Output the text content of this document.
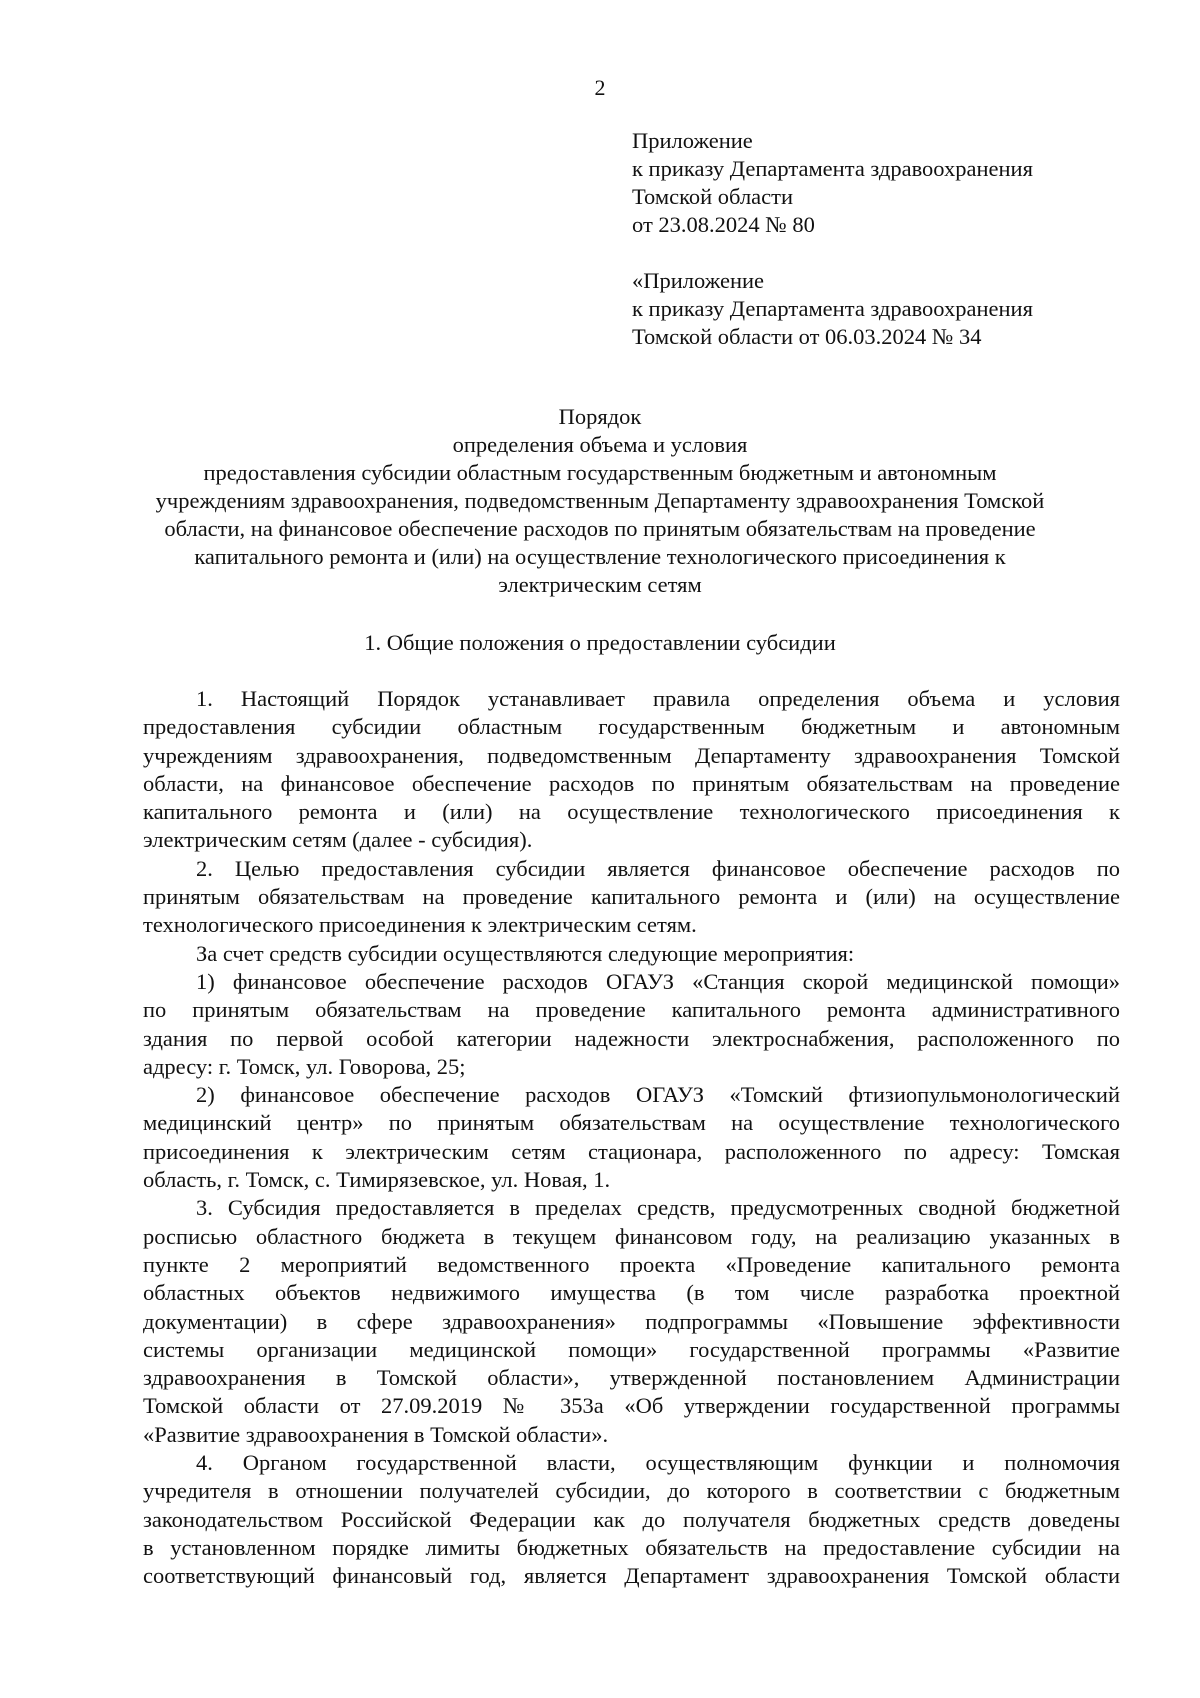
2
Приложение
к приказу Департамента здравоохранения
Томской области
от 23.08.2024 № 80
«Приложение
к приказу Департамента здравоохранения
Томской области от 06.03.2024 № 34
Порядок
определения объема и условия
предоставления субсидии областным государственным бюджетным и автономным
учреждениям здравоохранения, подведомственным Департаменту здравоохранения Томской
области, на финансовое обеспечение расходов по принятым обязательствам на проведение
капитального ремонта и (или) на осуществление технологического присоединения к
электрическим сетям
1. Общие положения о предоставлении субсидии
1. Настоящий Порядок устанавливает правила определения объема и условия
предоставления субсидии областным государственным бюджетным и автономным
учреждениям здравоохранения, подведомственным Департаменту здравоохранения Томской
области, на финансовое обеспечение расходов по принятым обязательствам на проведение
капитального ремонта и (или) на осуществление технологического присоединения к
электрическим сетям (далее - субсидия).
2. Целью предоставления субсидии является финансовое обеспечение расходов по
принятым обязательствам на проведение капитального ремонта и (или) на осуществление
технологического присоединения к электрическим сетям.
За счет средств субсидии осуществляются следующие мероприятия:
1) финансовое обеспечение расходов ОГАУЗ «Станция скорой медицинской помощи»
по принятым обязательствам на проведение капитального ремонта административного
здания по первой особой категории надежности электроснабжения, расположенного по
адресу: г. Томск, ул. Говорова, 25;
2) финансовое обеспечение расходов ОГАУЗ «Томский фтизиопульмонологический
медицинский центр» по принятым обязательствам на осуществление технологического
присоединения к электрическим сетям стационара, расположенного по адресу: Томская
область, г. Томск, с. Тимирязевское, ул. Новая, 1.
3. Субсидия предоставляется в пределах средств, предусмотренных сводной бюджетной
росписью областного бюджета в текущем финансовом году, на реализацию указанных в
пункте 2 мероприятий ведомственного проекта «Проведение капитального ремонта
областных объектов недвижимого имущества (в том числе разработка проектной
документации) в сфере здравоохранения» подпрограммы «Повышение эффективности
системы организации медицинской помощи» государственной программы «Развитие
здравоохранения в Томской области», утвержденной постановлением Администрации
Томской области от 27.09.2019 № 353а «Об утверждении государственной программы
«Развитие здравоохранения в Томской области».
4. Органом государственной власти, осуществляющим функции и полномочия
учредителя в отношении получателей субсидии, до которого в соответствии с бюджетным
законодательством Российской Федерации как до получателя бюджетных средств доведены
в установленном порядке лимиты бюджетных обязательств на предоставление субсидии на
соответствующий финансовый год, является Департамент здравоохранения Томской области
